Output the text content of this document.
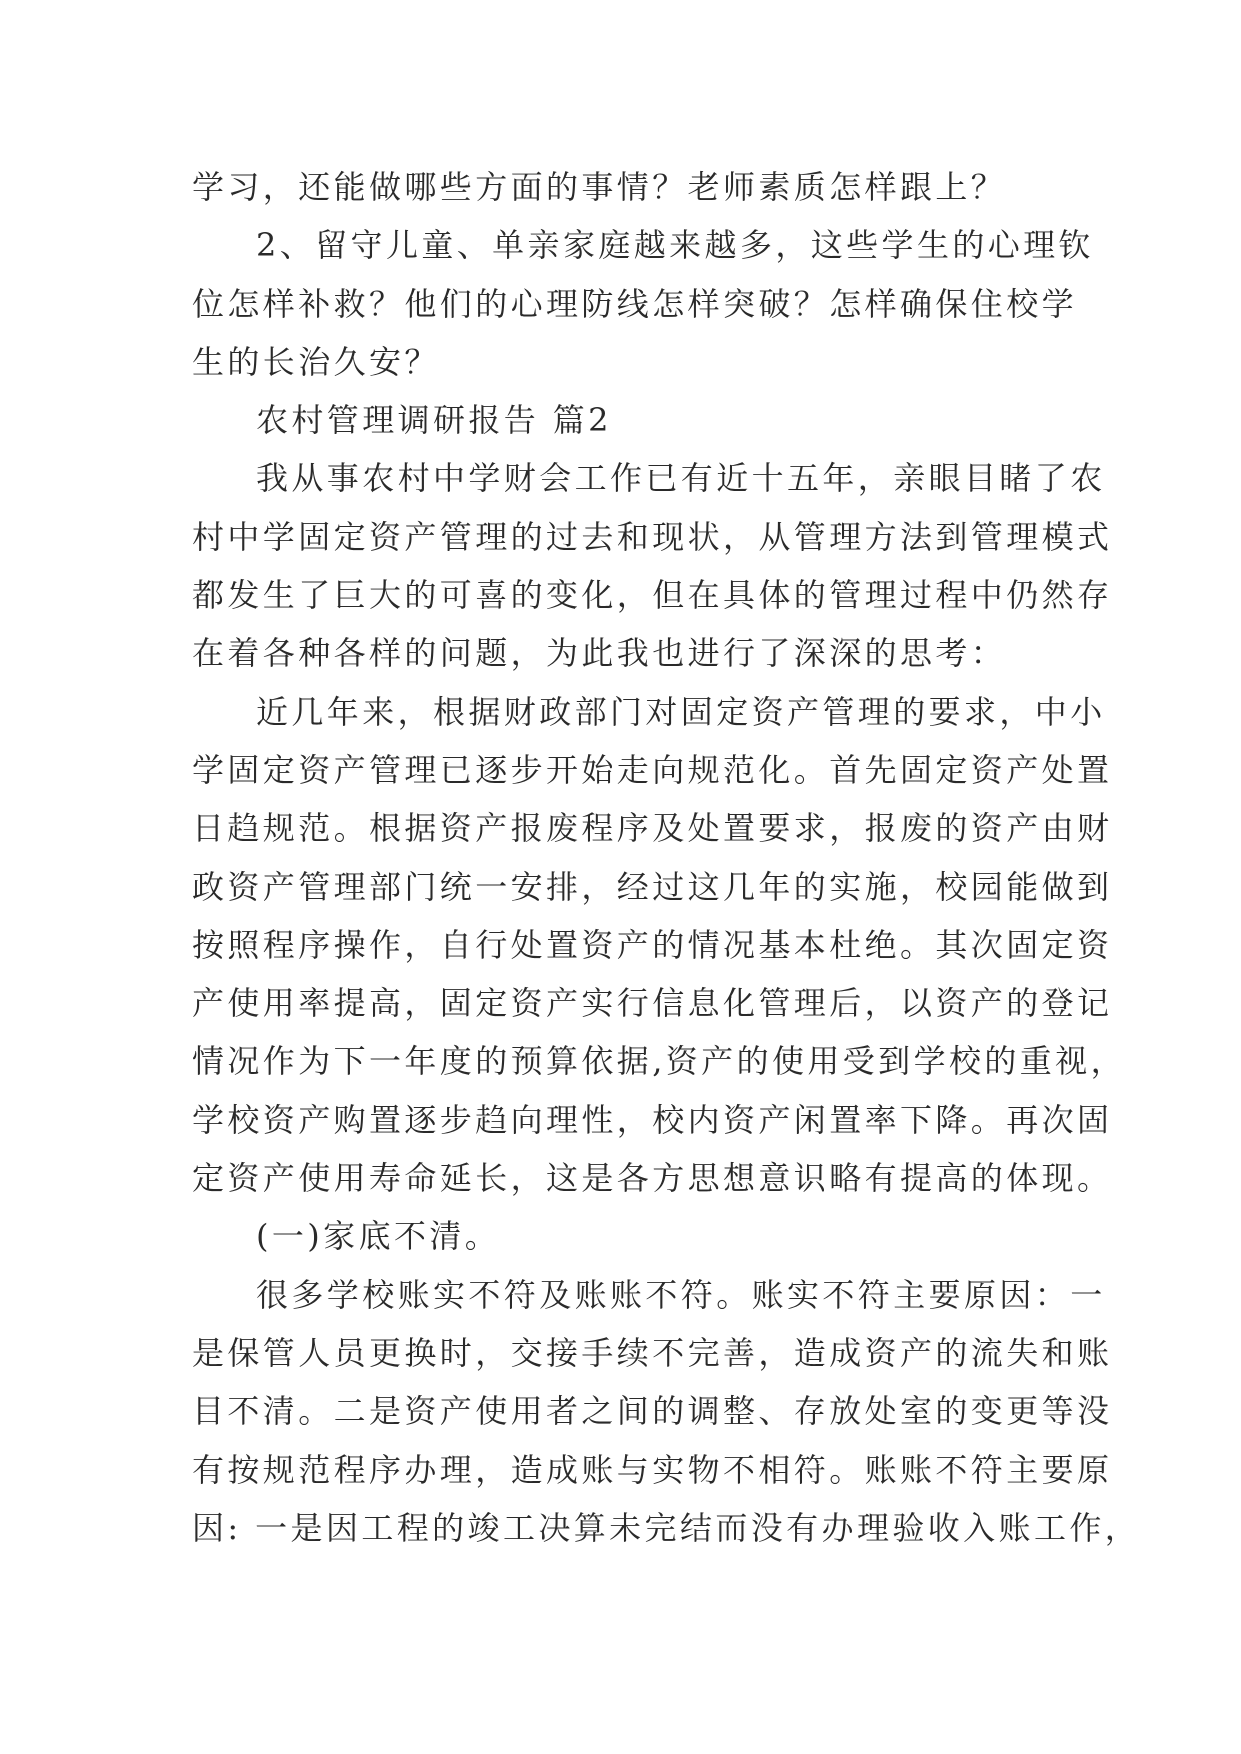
学习，还能做哪些方面的事情？老师素质怎样跟上？
2、留守儿童、单亲家庭越来越多，这些学生的心理钦
位怎样补救？他们的心理防线怎样突破？怎样确保住校学
生的长治久安？
农村管理调研报告 篇2
我从事农村中学财会工作已有近十五年，亲眼目睹了农
村中学固定资产管理的过去和现状，从管理方法到管理模式
都发生了巨大的可喜的变化，但在具体的管理过程中仍然存
在着各种各样的问题，为此我也进行了深深的思考：
近几年来，根据财政部门对固定资产管理的要求，中小
学固定资产管理已逐步开始走向规范化。首先固定资产处置
日趋规范。根据资产报废程序及处置要求，报废的资产由财
政资产管理部门统一安排，经过这几年的实施，校园能做到
按照程序操作，自行处置资产的情况基本杜绝。其次固定资
产使用率提高，固定资产实行信息化管理后，以资产的登记
情况作为下一年度的预算依据,资产的使用受到学校的重视，
学校资产购置逐步趋向理性，校内资产闲置率下降。再次固
定资产使用寿命延长，这是各方思想意识略有提高的体现。
(一)家底不清。
很多学校账实不符及账账不符。账实不符主要原因：一
是保管人员更换时，交接手续不完善，造成资产的流失和账
目不清。二是资产使用者之间的调整、存放处室的变更等没
有按规范程序办理，造成账与实物不相符。账账不符主要原
因: 一是因工程的竣工决算未完结而没有办理验收入账工作，
